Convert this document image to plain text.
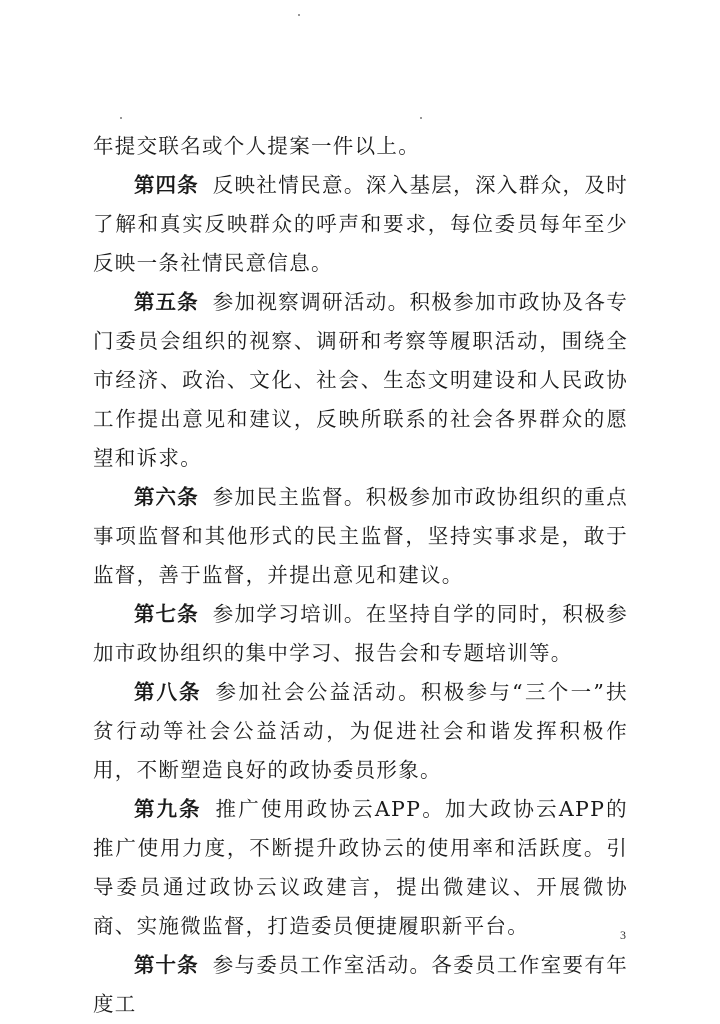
年提交联名或个人提案一件以上。

第四条 反映社情民意。深入基层，深入群众，及时了解和真实反映群众的呼声和要求，每位委员每年至少反映一条社情民意信息。

第五条 参加视察调研活动。积极参加市政协及各专门委员会组织的视察、调研和考察等履职活动，围绕全市经济、政治、文化、社会、生态文明建设和人民政协工作提出意见和建议，反映所联系的社会各界群众的愿望和诉求。

第六条 参加民主监督。积极参加市政协组织的重点事项监督和其他形式的民主监督，坚持实事求是，敢于监督，善于监督，并提出意见和建议。

第七条 参加学习培训。在坚持自学的同时，积极参加市政协组织的集中学习、报告会和专题培训等。

第八条 参加社会公益活动。积极参与“三个一”扶贫行动等社会公益活动，为促进社会和谐发挥积极作用，不断塑造良好的政协委员形象。

第九条 推广使用政协云APP。加大政协云APP的推广使用力度，不断提升政协云的使用率和活跃度。引导委员通过政协云议政建言，提出微建议、开展微协商、实施微监督，打造委员便捷履职新平台。

第十条 参与委员工作室活动。各委员工作室要有年度工

3
